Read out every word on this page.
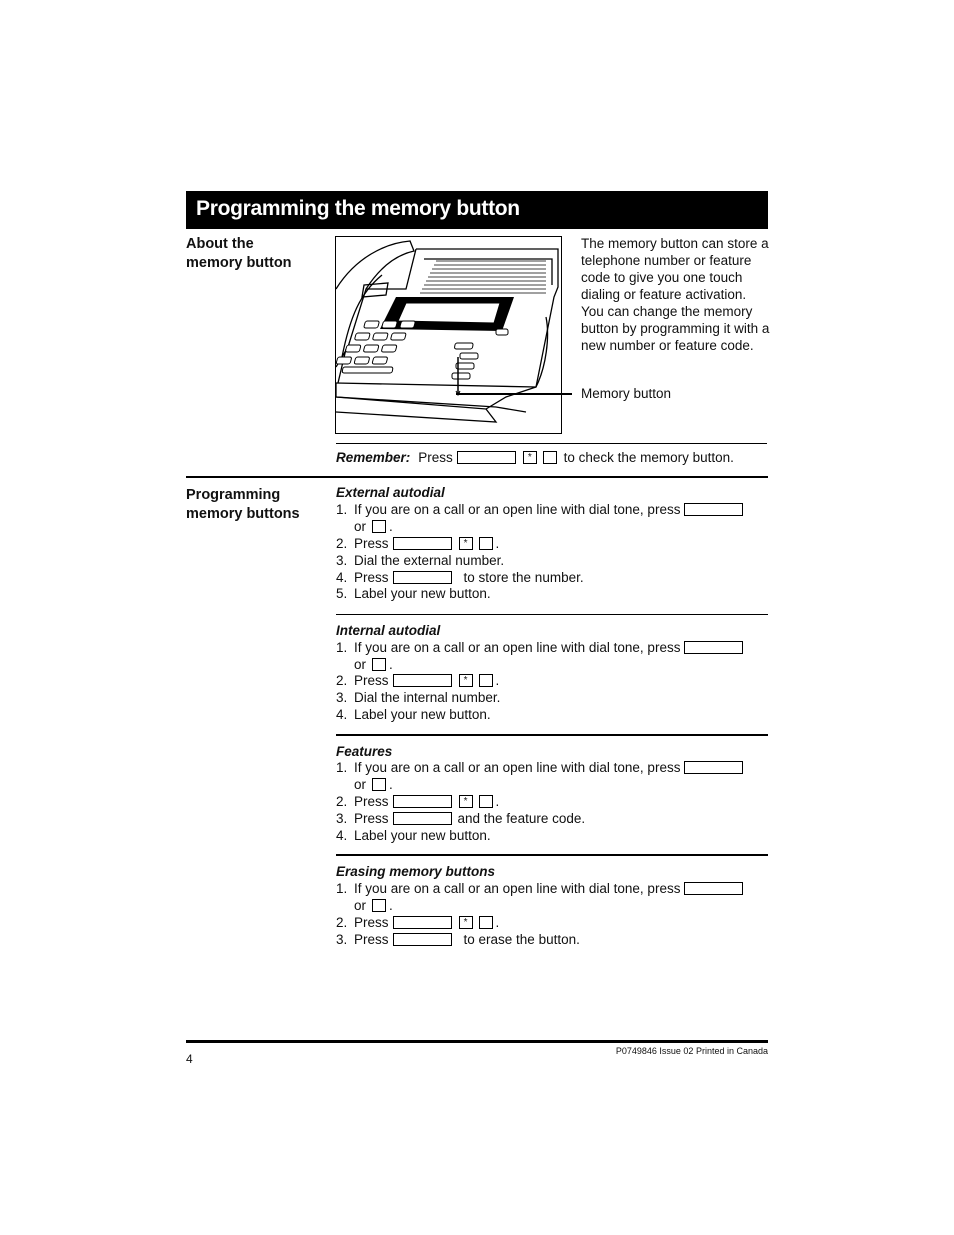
Programming the memory button
About the
memory button
The memory button can store a telephone number or feature code to give you one touch dialing or feature activation. You can change the memory button by programming it with a new number or feature code.
Memory button
Remember: Press	* to check the memory button.
Programming
memory buttons
External autodial
1. If you are on a call or an open line with dial tone, press
or .
2. Press	* .
3. Dial the external number.
4. Press	to store the number.
5. Label your new button.
Internal autodial
1. If you are on a call or an open line with dial tone, press
or .
2. Press	* .
3. Dial the internal number.
4. Label your new button.
Features
1. If you are on a call or an open line with dial tone, press
or .
2. Press	* .
3. Press	and the feature code.
4. Label your new button.
Erasing memory buttons
1. If you are on a call or an open line with dial tone, press
or .
2. Press	* .
3. Press	to erase the button.
4
P0749846 Issue 02 Printed in Canada
